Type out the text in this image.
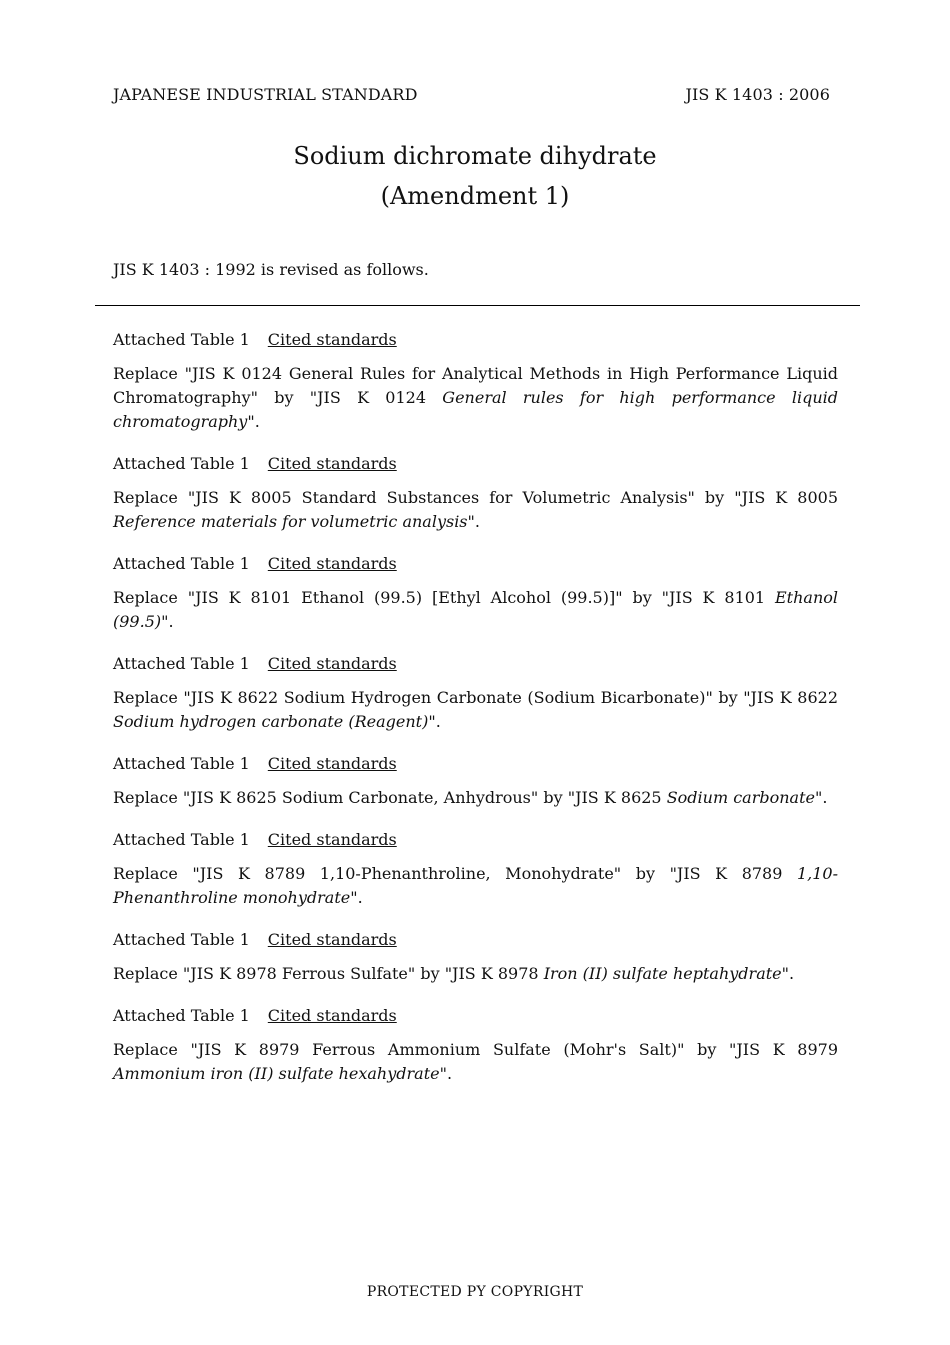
JAPANESE INDUSTRIAL STANDARD	JIS K 1403 : 2006
Sodium dichromate dihydrate
(Amendment 1)
JIS K 1403 : 1992 is revised as follows.

Attached Table 1 Cited standards

Replace "JIS K 0124 General Rules for Analytical Methods in High Performance Liquid Chromatography" by "JIS K 0124 General rules for high performance liquid chromatography".

Attached Table 1 Cited standards

Replace "JIS K 8005 Standard Substances for Volumetric Analysis" by "JIS K 8005 Reference materials for volumetric analysis".

Attached Table 1 Cited standards

Replace "JIS K 8101 Ethanol (99.5) [Ethyl Alcohol (99.5)]" by "JIS K 8101 Ethanol (99.5)".

Attached Table 1 Cited standards

Replace "JIS K 8622 Sodium Hydrogen Carbonate (Sodium Bicarbonate)" by "JIS K 8622 Sodium hydrogen carbonate (Reagent)".

Attached Table 1 Cited standards

Replace "JIS K 8625 Sodium Carbonate, Anhydrous" by "JIS K 8625 Sodium carbonate".

Attached Table 1 Cited standards

Replace "JIS K 8789 1,10-Phenanthroline, Monohydrate" by "JIS K 8789 1,10-Phenanthroline monohydrate".

Attached Table 1 Cited standards

Replace "JIS K 8978 Ferrous Sulfate" by "JIS K 8978 Iron (II) sulfate heptahydrate".

Attached Table 1 Cited standards

Replace "JIS K 8979 Ferrous Ammonium Sulfate (Mohr's Salt)" by "JIS K 8979 Ammonium iron (II) sulfate hexahydrate".

PROTECTED PY COPYRIGHT
